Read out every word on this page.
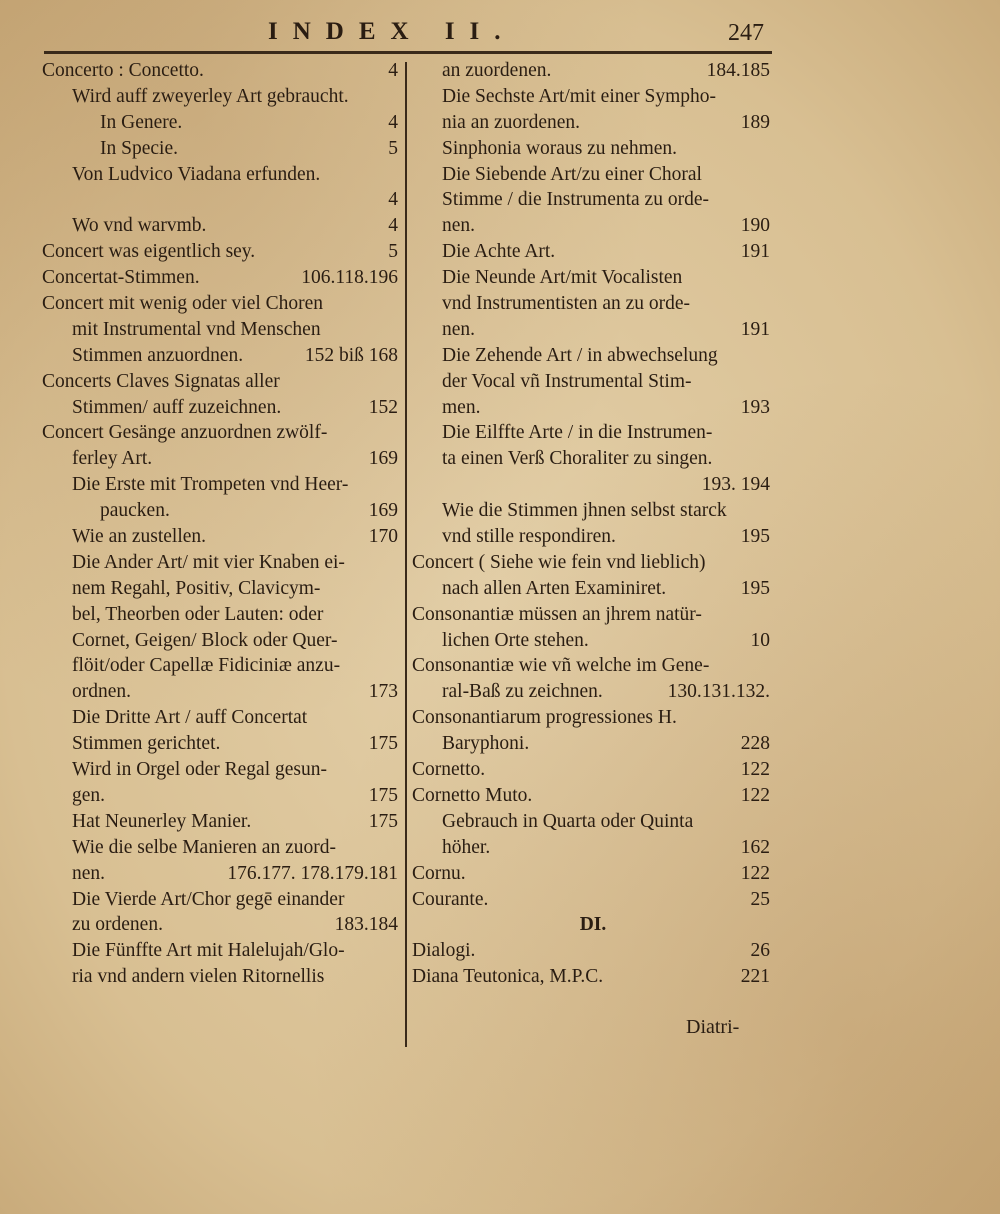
INDEX II.	247
Concerto : Concetto.	4
Wird auff zweyerley Art gebraucht.
In Genere.	4
In Specie.	5
Von Ludvico Viadana erfunden.
4
Wo vnd warvmb.	4
Concert was eigentlich sey.	5
Concertat-Stimmen.	106.118.196
Concert mit wenig oder viel Choren
mit Instrumental vnd Menschen
Stimmen anzuordnen.	152 biß 168
Concerts Claves Signatas aller
Stimmen/ auff zuzeichnen.	152
Concert Gesänge anzuordnen zwölf-
ferley Art.	169
Die Erste mit Trompeten vnd Heer-
paucken.	169
Wie an zustellen.	170
Die Ander Art/ mit vier Knaben ei-
nem Regahl, Positiv, Clavicym-
bel, Theorben oder Lauten: oder
Cornet, Geigen/ Block oder Quer-
flöit/oder Capellæ Fidiciniæ anzu-
ordnen.	173
Die Dritte Art / auff Concertat
Stimmen gerichtet.	175
Wird in Orgel oder Regal gesun-
gen.	175
Hat Neunerley Manier.	175
Wie die selbe Manieren an zuord-
nen.	176.177. 178.179.181
Die Vierde Art/Chor gegē einander
zu ordenen.	183.184
Die Fünffte Art mit Halelujah/Glo-
ria vnd andern vielen Ritornellis
an zuordenen.	184.185
Die Sechste Art/mit einer Sympho-
nia an zuordenen.	189
Sinphonia woraus zu nehmen.
Die Siebende Art/zu einer Choral
Stimme / die Instrumenta zu orde-
nen.	190
Die Achte Art.	191
Die Neunde Art/mit Vocalisten
vnd Instrumentisten an zu orde-
nen.	191
Die Zehende Art / in abwechselung
der Vocal vñ Instrumental Stim-
men.	193
Die Eilffte Arte / in die Instrumen-
ta einen Verß Choraliter zu singen.
193. 194
Wie die Stimmen jhnen selbst starck
vnd stille respondiren.	195
Concert ( Siehe wie fein vnd lieblich)
nach allen Arten Examiniret.	195
Consonantiæ müssen an jhrem natür-
lichen Orte stehen.	10
Consonantiæ wie vñ welche im Gene-
ral-Baß zu zeichnen.	130.131.132.
Consonantiarum progressiones H.
Baryphoni.	228
Cornetto.	122
Cornetto Muto.	122
Gebrauch in Quarta oder Quinta
höher.	162
Cornu.	122
Courante.	25
DI.
Dialogi.	26
Diana Teutonica, M.P.C.	221
Diatri-
